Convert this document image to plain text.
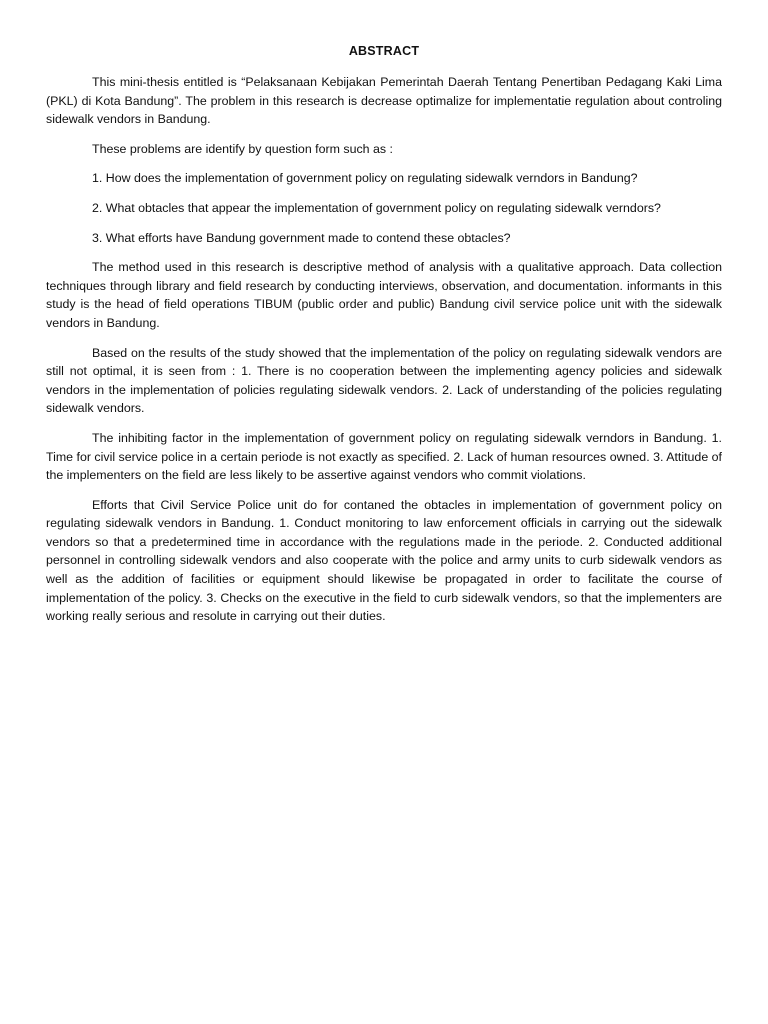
ABSTRACT

This mini-thesis entitled is “Pelaksanaan Kebijakan Pemerintah Daerah Tentang Penertiban Pedagang Kaki Lima (PKL) di Kota Bandung”. The problem in this research is decrease optimalize for implementatie regulation about controling sidewalk vendors in Bandung.

These problems are identify by question form such as :

1. How does the implementation of government policy on regulating sidewalk verndors in Bandung?

2. What obtacles that appear the implementation of government policy on regulating sidewalk verndors?

3. What efforts have Bandung government made to contend these obtacles?

The method used in this research is descriptive method of analysis with a qualitative approach. Data collection techniques through library and field research by conducting interviews, observation, and documentation. informants in this study is the head of field operations TIBUM (public order and public) Bandung civil service police unit with the sidewalk vendors in Bandung.

Based on the results of the study showed that the implementation of the policy on regulating sidewalk vendors are still not optimal, it is seen from : 1. There is no cooperation between the implementing agency policies and sidewalk vendors in the implementation of policies regulating sidewalk vendors. 2. Lack of understanding of the policies regulating sidewalk vendors.

The inhibiting factor in the implementation of government policy on regulating sidewalk verndors in Bandung. 1. Time for civil service police in a certain periode is not exactly as specified. 2. Lack of human resources owned. 3. Attitude of the implementers on the field are less likely to be assertive against vendors who commit violations.

Efforts that Civil Service Police unit do for contaned the obtacles in implementation of government policy on regulating sidewalk vendors in Bandung. 1. Conduct monitoring to law enforcement officials in carrying out the sidewalk vendors so that a predetermined time in accordance with the regulations made in the periode. 2. Conducted additional personnel in controlling sidewalk vendors and also cooperate with the police and army units to curb sidewalk vendors as well as the addition of facilities or equipment should likewise be propagated in order to facilitate the course of implementation of the policy. 3. Checks on the executive in the field to curb sidewalk vendors, so that the implementers are working really serious and resolute in carrying out their duties.
